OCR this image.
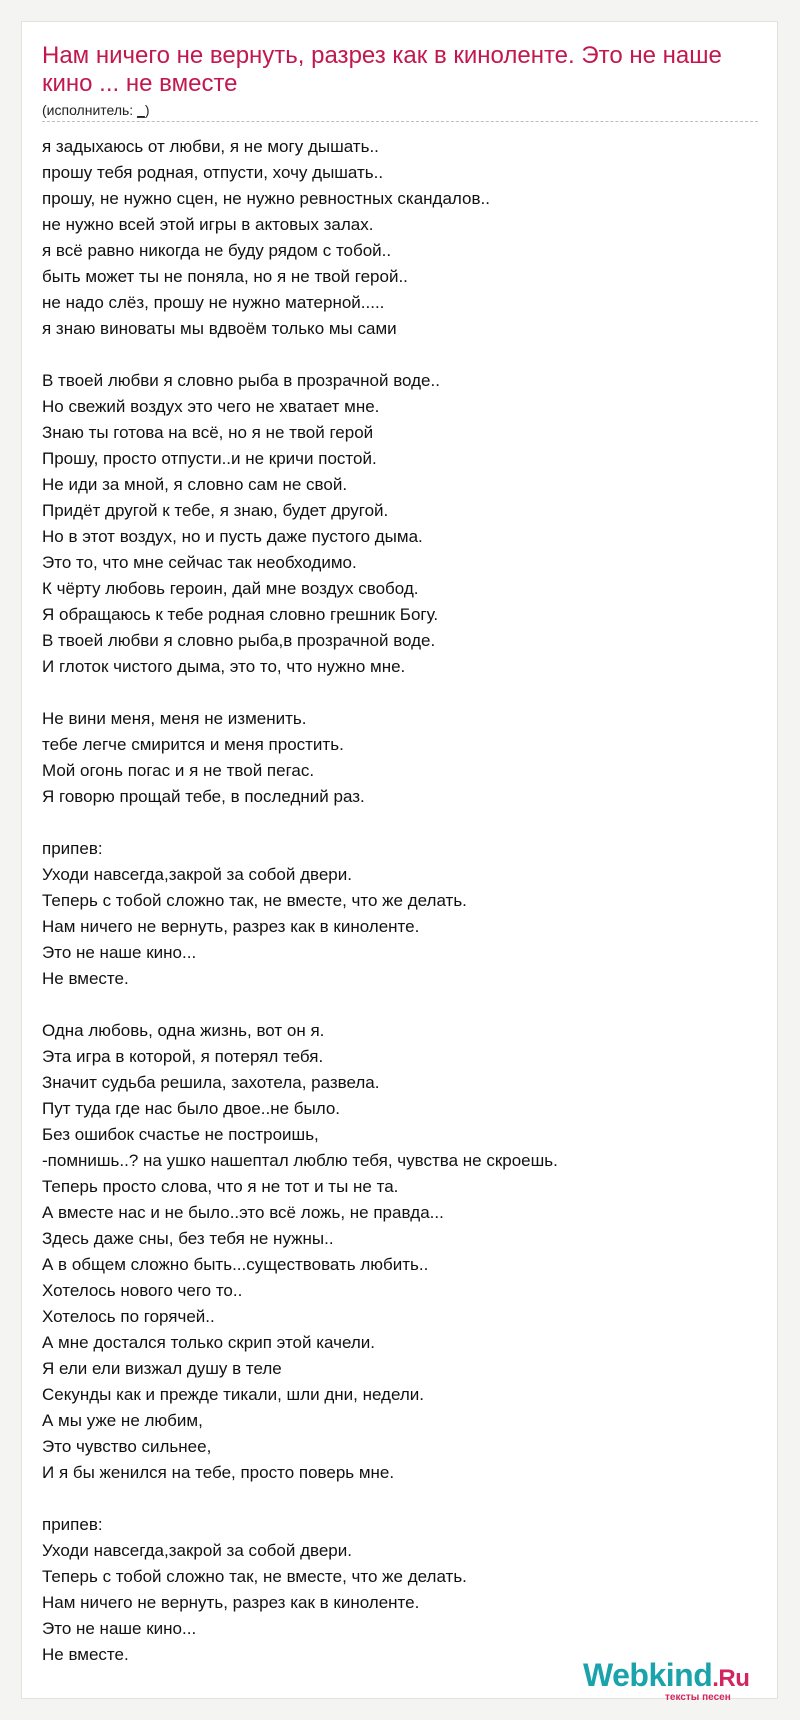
Нам ничего не вернуть, разрез как в киноленте. Это не наше кино ... не вместе
(исполнитель: _)
я задыхаюсь от любви, я не могу дышать..
прошу тебя родная, отпусти, хочу дышать..
прошу, не нужно сцен, не нужно ревностных скандалов..
не нужно всей этой игры в актовых залах.
я всё равно никогда не буду рядом с тобой..
быть может ты не поняла, но я не твой герой..
не надо слёз, прошу не нужно матерной.....
я знаю виноваты мы вдвоём только мы сами
В твоей любви я словно рыба в прозрачной воде..
Но свежий воздух это чего не хватает мне.
Знаю ты готова на всё, но я не твой герой
Прошу, просто отпусти..и не кричи постой.
Не иди за мной, я словно сам не свой.
Придёт другой к тебе, я знаю, будет другой.
Но в этот воздух, но и пусть даже пустого дыма.
Это то, что мне сейчас так необходимо.
К чёрту любовь героин, дай мне воздух свобод.
Я обращаюсь к тебе родная словно грешник Богу.
В твоей любви я словно рыба,в прозрачной воде.
И глоток чистого дыма, это то, что нужно мне.
Не вини меня, меня не изменить.
тебе легче смирится и меня простить.
Мой огонь погас и я не твой пегас.
Я говорю прощай тебе, в последний раз.
припев:
Уходи навсегда,закрой за собой двери.
Теперь с тобой сложно так, не вместе, что же делать.
Нам ничего не вернуть, разрез как в киноленте.
Это не наше кино...
Не вместе.
Одна любовь, одна жизнь, вот он я.
Эта игра в которой, я потерял тебя.
Значит судьба решила, захотела, развела.
Пут туда где нас было двое..не было.
Без ошибок счастье не построишь,
-помнишь..? на ушко нашептал люблю тебя, чувства не скроешь.
Теперь просто слова, что я не тот и ты не та.
А вместе нас и не было..это всё ложь, не правда...
Здесь даже сны, без тебя не нужны..
А в общем сложно быть...существовать любить..
Хотелось нового чего то..
Хотелось по горячей..
А мне достался только скрип этой качели.
Я ели ели визжал душу в теле
Секунды как и прежде тикали, шли дни, недели.
А мы уже не любим,
Это чувство сильнее,
И я бы женился на тебе, просто поверь мне.
припев:
Уходи навсегда,закрой за собой двери.
Теперь с тобой сложно так, не вместе, что же делать.
Нам ничего не вернуть, разрез как в киноленте.
Это не наше кино...
Не вместе.
Webkind.Ru
тексты песен
